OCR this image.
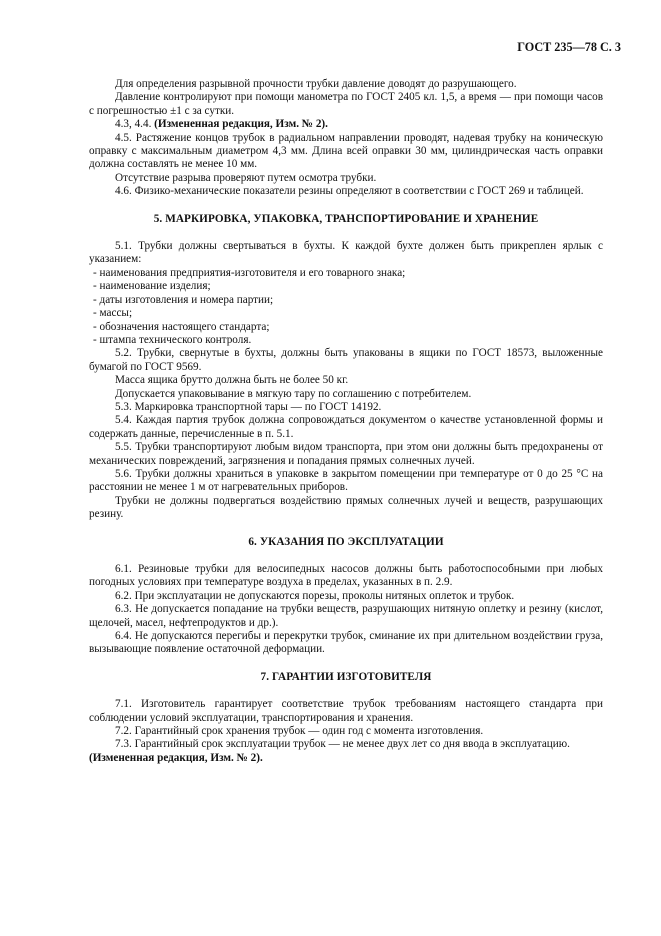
ГОСТ 235—78 С. 3

Для определения разрывной прочности трубки давление доводят до разрушающего.

Давление контролируют при помощи манометра по ГОСТ 2405 кл. 1,5, а время — при помощи часов с погрешностью ±1 с за сутки.

4.3, 4.4. (Измененная редакция, Изм. № 2).

4.5. Растяжение концов трубок в радиальном направлении проводят, надевая трубку на коническую оправку с максимальным диаметром 4,3 мм. Длина всей оправки 30 мм, цилиндрическая часть оправки должна составлять не менее 10 мм.

Отсутствие разрыва проверяют путем осмотра трубки.

4.6. Физико-механические показатели резины определяют в соответствии с ГОСТ 269 и таблицей.

5. МАРКИРОВКА, УПАКОВКА, ТРАНСПОРТИРОВАНИЕ И ХРАНЕНИЕ

5.1. Трубки должны свертываться в бухты. К каждой бухте должен быть прикреплен ярлык с указанием:

- наименования предприятия-изготовителя и его товарного знака;

- наименование изделия;

- даты изготовления и номера партии;

- массы;

- обозначения настоящего стандарта;

- штампа технического контроля.

5.2. Трубки, свернутые в бухты, должны быть упакованы в ящики по ГОСТ 18573, выложенные бумагой по ГОСТ 9569.

Масса ящика брутто должна быть не более 50 кг.

Допускается упаковывание в мягкую тару по соглашению с потребителем.

5.3. Маркировка транспортной тары — по ГОСТ 14192.

5.4. Каждая партия трубок должна сопровождаться документом о качестве установленной формы и содержать данные, перечисленные в п. 5.1.

5.5. Трубки транспортируют любым видом транспорта, при этом они должны быть предохранены от механических повреждений, загрязнения и попадания прямых солнечных лучей.

5.6. Трубки должны храниться в упаковке в закрытом помещении при температуре от 0 до 25 °С на расстоянии не менее 1 м от нагревательных приборов.

Трубки не должны подвергаться воздействию прямых солнечных лучей и веществ, разрушающих резину.

6. УКАЗАНИЯ ПО ЭКСПЛУАТАЦИИ

6.1. Резиновые трубки для велосипедных насосов должны быть работоспособными при любых погодных условиях при температуре воздуха в пределах, указанных в п. 2.9.

6.2. При эксплуатации не допускаются порезы, проколы нитяных оплеток и трубок.

6.3. Не допускается попадание на трубки веществ, разрушающих нитяную оплетку и резину (кислот, щелочей, масел, нефтепродуктов и др.).

6.4. Не допускаются перегибы и перекрутки трубок, сминание их при длительном воздействии груза, вызывающие появление остаточной деформации.

7. ГАРАНТИИ ИЗГОТОВИТЕЛЯ

7.1. Изготовитель гарантирует соответствие трубок требованиям настоящего стандарта при соблюдении условий эксплуатации, транспортирования и хранения.

7.2. Гарантийный срок хранения трубок — один год с момента изготовления.

7.3. Гарантийный срок эксплуатации трубок — не менее двух лет со дня ввода в эксплуатацию.

(Измененная редакция, Изм. № 2).
